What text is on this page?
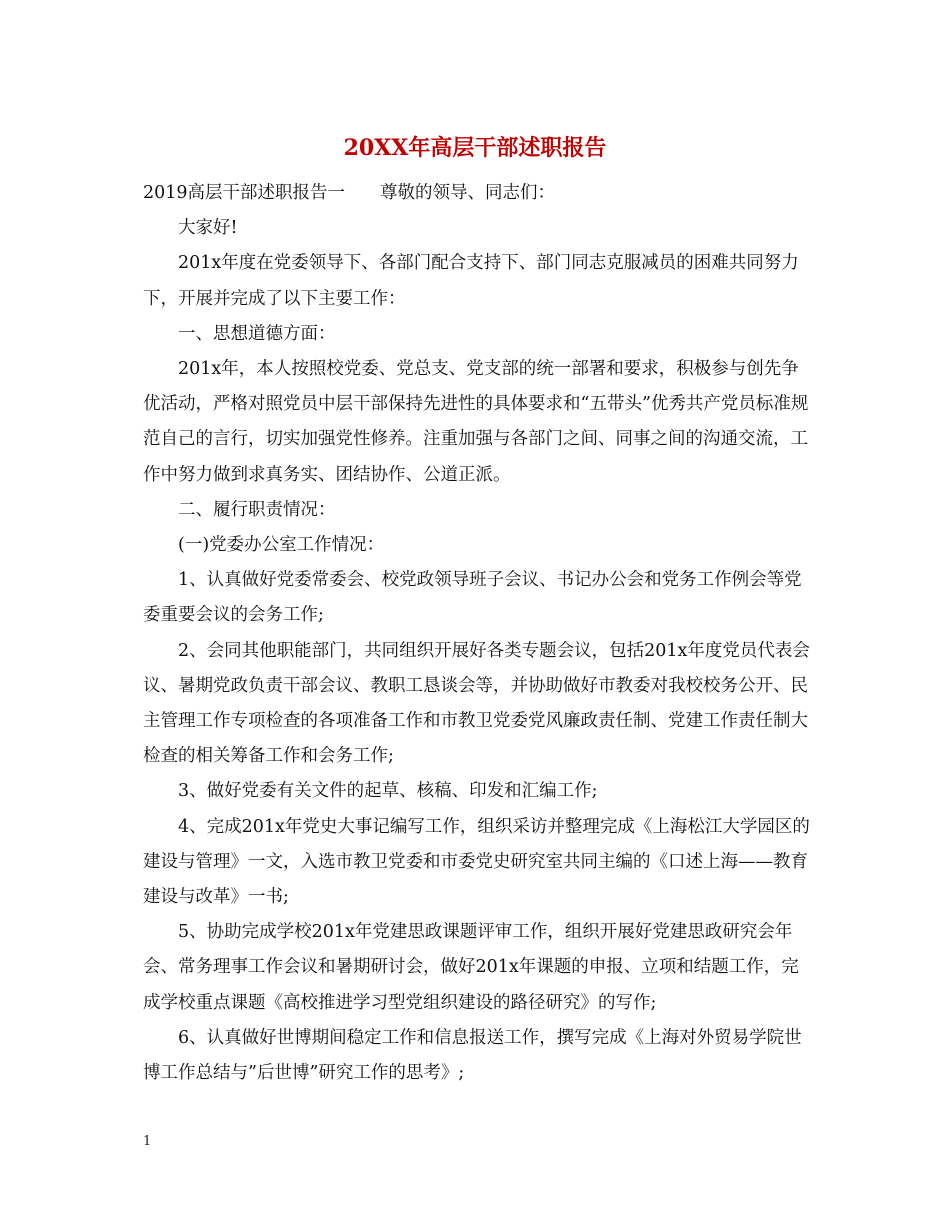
20XX年高层干部述职报告

2019高层干部述职报告一　　尊敬的领导、同志们：

大家好!

201x年度在党委领导下、各部门配合支持下、部门同志克服减员的困难共同努力下，开展并完成了以下主要工作：

一、思想道德方面：

201x年，本人按照校党委、党总支、党支部的统一部署和要求，积极参与创先争优活动，严格对照党员中层干部保持先进性的具体要求和“五带头”优秀共产党员标准规范自己的言行，切实加强党性修养。注重加强与各部门之间、同事之间的沟通交流，工作中努力做到求真务实、团结协作、公道正派。

二、履行职责情况：

(一)党委办公室工作情况：

1、认真做好党委常委会、校党政领导班子会议、书记办公会和党务工作例会等党委重要会议的会务工作;

2、会同其他职能部门，共同组织开展好各类专题会议，包括201x年度党员代表会议、暑期党政负责干部会议、教职工恳谈会等，并协助做好市教委对我校校务公开、民主管理工作专项检查的各项准备工作和市教卫党委党风廉政责任制、党建工作责任制大检查的相关筹备工作和会务工作;

3、做好党委有关文件的起草、核稿、印发和汇编工作;

4、完成201x年党史大事记编写工作，组织采访并整理完成《上海松江大学园区的建设与管理》一文，入选市教卫党委和市委党史研究室共同主编的《口述上海——教育建设与改革》一书;

5、协助完成学校201x年党建思政课题评审工作，组织开展好党建思政研究会年会、常务理事工作会议和暑期研讨会，做好201x年课题的申报、立项和结题工作，完成学校重点课题《高校推进学习型党组织建设的路径研究》的写作;

6、认真做好世博期间稳定工作和信息报送工作，撰写完成《上海对外贸易学院世博工作总结与”后世博”研究工作的思考》;

1
